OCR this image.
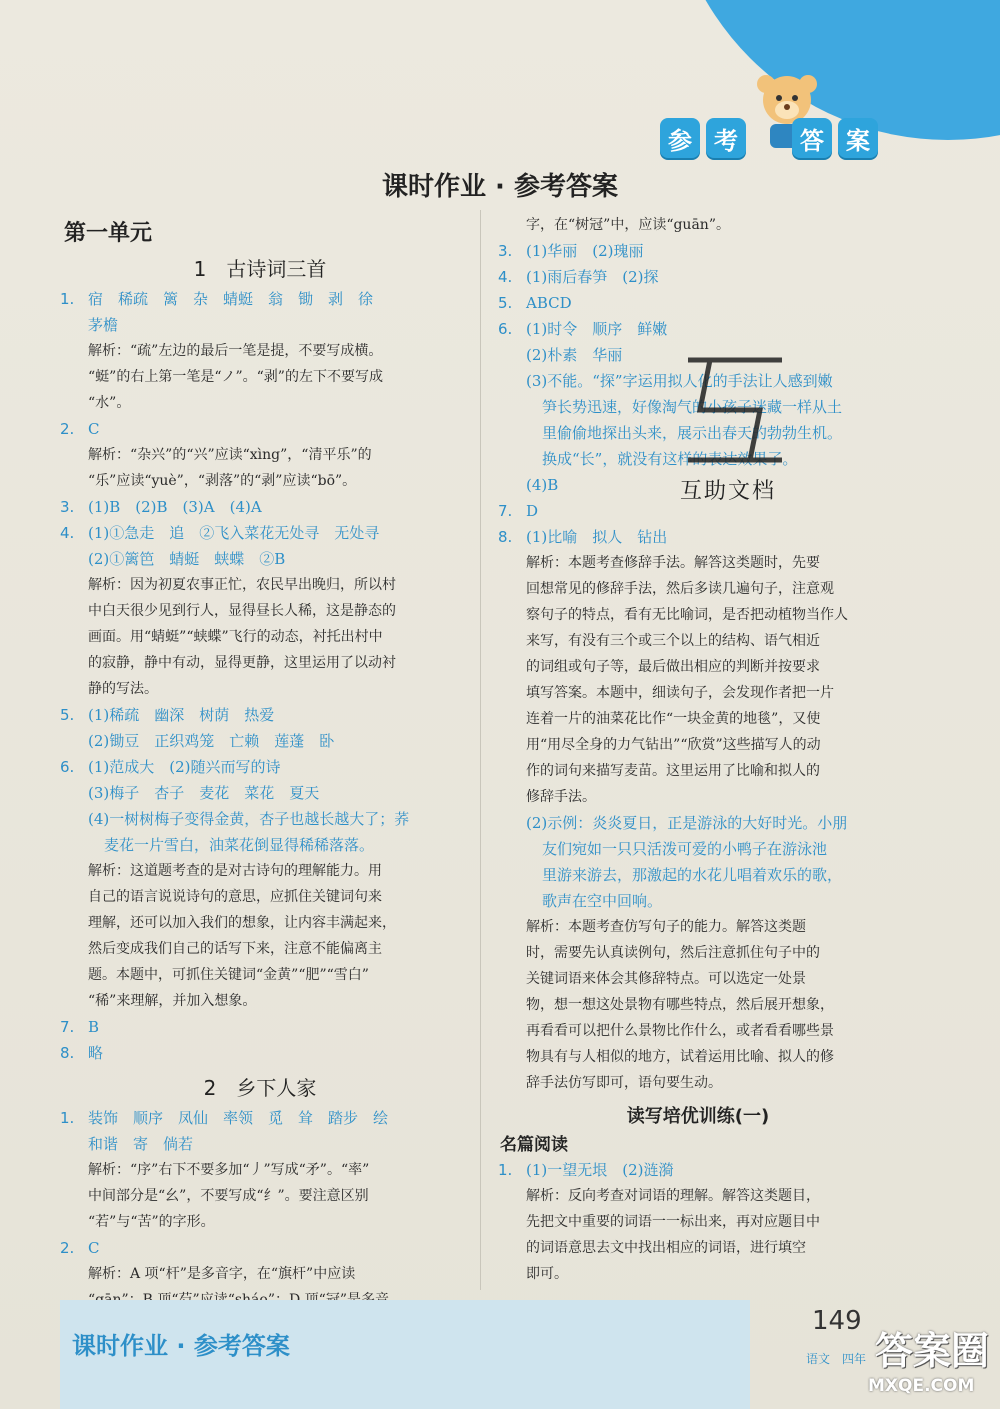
参 考	答 案
课时作业 · 参考答案
第一单元
1　古诗词三首
1. 宿　稀疏　篱　杂　蜻蜓　翁　锄　剥　徐
茅檐
解析：“疏”左边的最后一笔是提，不要写成横。
“蜓”的右上第一笔是“ノ”。“剥”的左下不要写成
“水”。
2. C
解析：“杂兴”的“兴”应读“xìng”，“清平乐”的
“乐”应读“yuè”，“剥落”的“剥”应读“bō”。
3. (1)B　(2)B　(3)A　(4)A
4. (1)①急走　追　②飞入菜花无处寻　无处寻
(2)①篱笆　蜻蜓　蛱蝶　②B
解析：因为初夏农事正忙，农民早出晚归，所以村
中白天很少见到行人，显得昼长人稀，这是静态的
画面。用“蜻蜓”“蛱蝶”飞行的动态，衬托出村中
的寂静，静中有动，显得更静，这里运用了以动衬
静的写法。
5. (1)稀疏　幽深　树荫　热爱
(2)锄豆　正织鸡笼　亡赖　莲蓬　卧
6. (1)范成大　(2)随兴而写的诗
(3)梅子　杏子　麦花　菜花　夏天
(4)一树树梅子变得金黄，杏子也越长越大了；荞
麦花一片雪白，油菜花倒显得稀稀落落。
解析：这道题考查的是对古诗句的理解能力。用
自己的语言说说诗句的意思，应抓住关键词句来
理解，还可以加入我们的想象，让内容丰满起来，
然后变成我们自己的话写下来，注意不能偏离主
题。本题中，可抓住关键词“金黄”“肥”“雪白”
“稀”来理解，并加入想象。
7. B
8. 略
2　乡下人家
1. 装饰　顺序　凤仙　率领　觅　耸　踏步　绘
和谐　寄　倘若
解析：“序”右下不要多加“丿”写成“矛”。“率”
中间部分是“幺”，不要写成“纟”。要注意区别
“若”与“苦”的字形。
2. C
解析：A 项“杆”是多音字，在“旗杆”中应读
字，在“树冠”中，应读“guān”。
3. (1)华丽　(2)瑰丽
4. (1)雨后春笋　(2)探
5. ABCD
6. (1)时令　顺序　鲜嫩
(2)朴素　华丽
(3)不能。“探”字运用拟人化的手法让人感到嫩
笋长势迅速，好像淘气的小孩子迷藏一样从土
里偷偷地探出头来，展示出春天的勃勃生机。
换成“长”，就没有这样的表达效果了。
(4)B
7. D
8. (1)比喻　拟人　钻出
解析：本题考查修辞手法。解答这类题时，先要
回想常见的修辞手法，然后多读几遍句子，注意观
察句子的特点，看有无比喻词，是否把动植物当作人
来写，有没有三个或三个以上的结构、语气相近
的词组或句子等，最后做出相应的判断并按要求
填写答案。本题中，细读句子，会发现作者把一片
连着一片的油菜花比作“一块金黄的地毯”，又使
用“用尽全身的力气钻出”“欣赏”这些描写人的动
作的词句来描写麦苗。这里运用了比喻和拟人的
修辞手法。
(2)示例：炎炎夏日，正是游泳的大好时光。小朋
友们宛如一只只活泼可爱的小鸭子在游泳池
里游来游去，那激起的水花儿唱着欢乐的歌，
歌声在空中回响。
解析：本题考查仿写句子的能力。解答这类题
时，需要先认真读例句，然后注意抓住句子中的
关键词语来体会其修辞特点。可以选定一处景
物，想一想这处景物有哪些特点，然后展开想象，
再看看可以把什么景物比作什么，或者看看哪些景
物具有与人相似的地方，试着运用比喻、拟人的修
辞手法仿写即可，语句要生动。
读写培优训练(一)
名篇阅读
1. (1)一望无垠　(2)涟漪
解析：反向考查对词语的理解。解答这类题目，
先把文中重要的词语一一标出来，再对应题目中
的词语意思去文中找出相应的词语，进行填空
即可。
互助文档
课时作业 · 参考答案
149
语文　四年 答案圈
MXQE.COM
